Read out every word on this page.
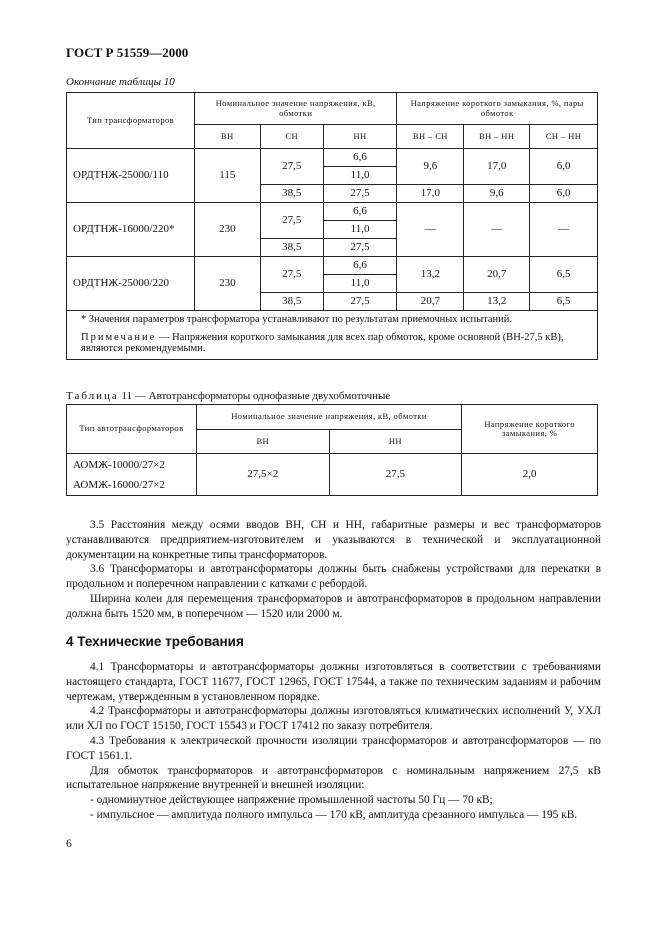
ГОСТ Р 51559—2000
Окончание таблицы 10
Тип трансформаторов	Номинальное значение напряжения, кВ, обмотки			Напряжение короткого замыкания, %, пары обмоток		
	ВН	СН	НН	ВН – СН	ВН – НН	СН – НН
ОРДТНЖ-25000/110	115	27,5	6,6	9,6	17,0	6,0
			11,0			
		38,5	27,5	17,0	9,6	6,0
ОРДТНЖ-16000/220*	230	27,5	6,6	—	—	—
			11,0			
		38,5	27,5			
ОРДТНЖ-25000/220	230	27,5	6,6	13,2	20,7	6,5
			11,0			
		38,5	27,5	20,7	13,2	6,5

* Значения параметров трансформатора устанавливают по результатам приемочных испытаний.
Примечание — Напряжения короткого замыкания для всех пар обмоток, кроме основной (ВН-27,5 кВ), являются рекомендуемыми.						
Таблица 11 — Автотрансформаторы однофазные двухобмоточные
Тип автотрансформаторов	Номинальное значение напряжения, кВ, обмотки		Напряжение короткого замыкания, %
	ВН	НН	

АОМЖ-10000/27×2
АОМЖ-16000/27×2	27,5×2	27,5	2,0

3.5 Расстояния между осями вводов ВН, СН и НН, габаритные размеры и вес трансформаторов устанавливаются предприятием-изготовителем и указываются в технической и эксплуатационной документации на конкретные типы трансформаторов.

3.6 Трансформаторы и автотрансформаторы должны быть снабжены устройствами для перекатки в продольном и поперечном направлении с катками с ребордой.

Ширина колеи для перемещения трансформаторов и автотрансформаторов в продольном направлении должна быть 1520 мм, в поперечном — 1520 или 2000 м.

4 Технические требования

4.1 Трансформаторы и автотрансформаторы должны изготовляться в соответствии с требованиями настоящего стандарта, ГОСТ 11677, ГОСТ 12965, ГОСТ 17544, а также по техническим заданиям и рабочим чертежам, утвержденным в установленном порядке.

4.2 Трансформаторы и автотрансформаторы должны изготовляться климатических исполнений У, УХЛ или ХЛ по ГОСТ 15150, ГОСТ 15543 и ГОСТ 17412 по заказу потребителя.

4.3 Требования к электрической прочности изоляции трансформаторов и автотрансформаторов — по ГОСТ 1561.1.

Для обмоток трансформаторов и автотрансформаторов с номинальным напряжением 27,5 кВ испытательное напряжение внутренней и внешней изоляции:

- одноминутное действующее напряжение промышленной частоты 50 Гц — 70 кВ;

- импульсное — амплитуда полного импульса — 170 кВ, амплитуда срезанного импульса — 195 кВ.

6
